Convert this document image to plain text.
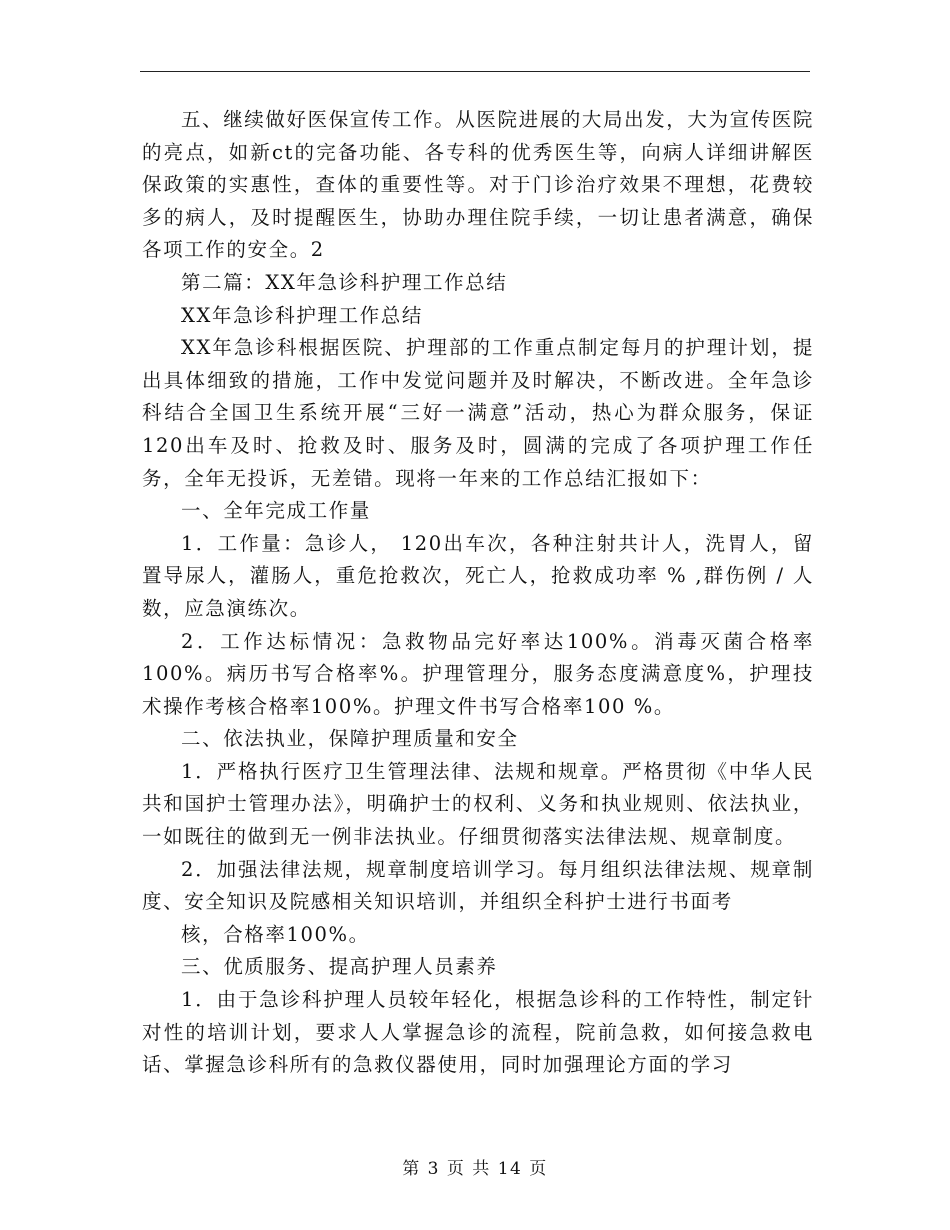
五、继续做好医保宣传工作。从医院进展的大局出发，大为宣传医院的亮点，如新ct的完备功能、各专科的优秀医生等，向病人详细讲解医保政策的实惠性，查体的重要性等。对于门诊治疗效果不理想，花费较多的病人，及时提醒医生，协助办理住院手续，一切让患者满意，确保各项工作的安全。2

第二篇：XX年急诊科护理工作总结

XX年急诊科护理工作总结

XX年急诊科根据医院、护理部的工作重点制定每月的护理计划，提出具体细致的措施，工作中发觉问题并及时解决，不断改进。全年急诊科结合全国卫生系统开展“三好一满意”活动，热心为群众服务，保证120出车及时、抢救及时、服务及时，圆满的完成了各项护理工作任务，全年无投诉，无差错。现将一年来的工作总结汇报如下：

一、全年完成工作量

1．工作量：急诊人， 120出车次，各种注射共计人，洗胃人，留置导尿人，灌肠人，重危抢救次，死亡人，抢救成功率 % ,群伤例 / 人数，应急演练次。

2．工作达标情况：急救物品完好率达100%。消毒灭菌合格率100%。病历书写合格率%。护理管理分，服务态度满意度%，护理技术操作考核合格率100%。护理文件书写合格率100 %。

二、依法执业，保障护理质量和安全

1．严格执行医疗卫生管理法律、法规和规章。严格贯彻《中华人民共和国护士管理办法》，明确护士的权利、义务和执业规则、依法执业，一如既往的做到无一例非法执业。仔细贯彻落实法律法规、规章制度。

2．加强法律法规，规章制度培训学习。每月组织法律法规、规章制度、安全知识及院感相关知识培训，并组织全科护士进行书面考

核，合格率100%。

三、优质服务、提高护理人员素养

1．由于急诊科护理人员较年轻化，根据急诊科的工作特性，制定针对性的培训计划，要求人人掌握急诊的流程，院前急救，如何接急救电话、掌握急诊科所有的急救仪器使用，同时加强理论方面的学习

第 3 页 共 14 页
